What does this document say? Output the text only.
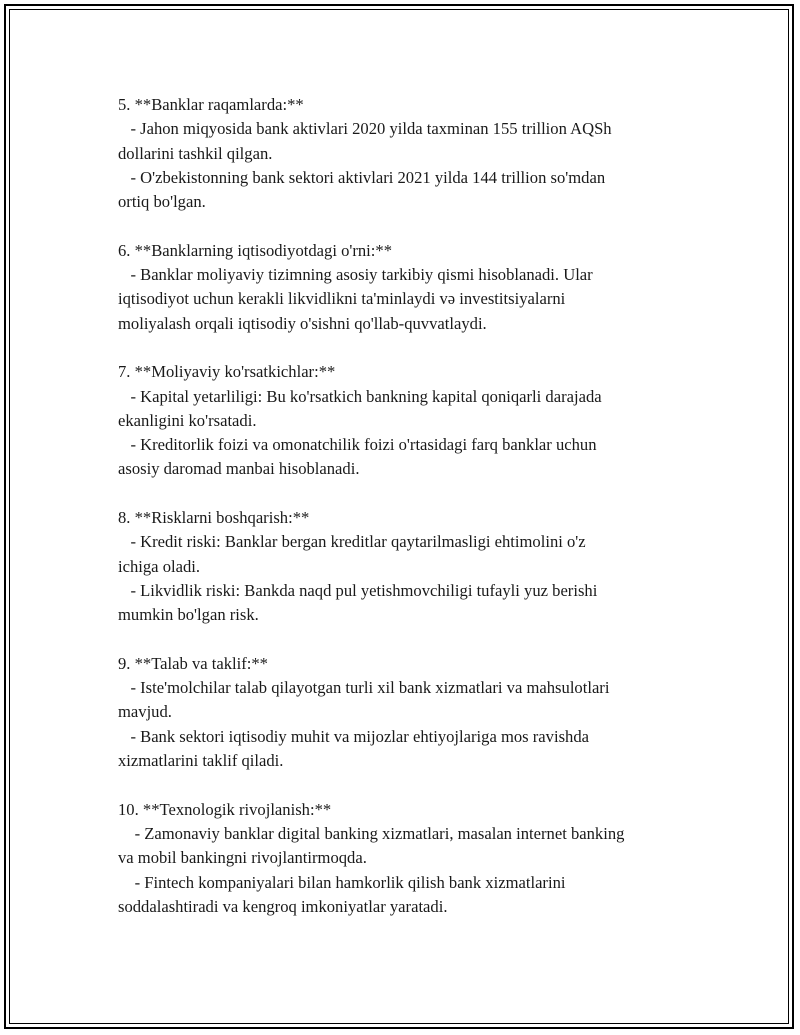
5. **Banklar raqamlarda:**
- Jahon miqyosida bank aktivlari 2020 yilda taxminan 155 trillion AQSh
dollarini tashkil qilgan.
- O'zbekistonning bank sektori aktivlari 2021 yilda 144 trillion so'mdan
ortiq bo'lgan.
6. **Banklarning iqtisodiyotdagi o'rni:**
- Banklar moliyaviy tizimning asosiy tarkibiy qismi hisoblanadi. Ular
iqtisodiyot uchun kerakli likvidlikni ta'minlaydi və investitsiyalarni
moliyalash orqali iqtisodiy o'sishni qo'llab-quvvatlaydi.
7. **Moliyaviy ko'rsatkichlar:**
- Kapital yetarliligi: Bu ko'rsatkich bankning kapital qoniqarli darajada
ekanligini ko'rsatadi.
- Kreditorlik foizi va omonatchilik foizi o'rtasidagi farq banklar uchun
asosiy daromad manbai hisoblanadi.
8. **Risklarni boshqarish:**
- Kredit riski: Banklar bergan kreditlar qaytarilmasligi ehtimolini o'z
ichiga oladi.
- Likvidlik riski: Bankda naqd pul yetishmovchiligi tufayli yuz berishi
mumkin bo'lgan risk.
9. **Talab va taklif:**
- Iste'molchilar talab qilayotgan turli xil bank xizmatlari va mahsulotlari
mavjud.
- Bank sektori iqtisodiy muhit va mijozlar ehtiyojlariga mos ravishda
xizmatlarini taklif qiladi.
10. **Texnologik rivojlanish:**
- Zamonaviy banklar digital banking xizmatlari, masalan internet banking
va mobil bankingni rivojlantirmoqda.
- Fintech kompaniyalari bilan hamkorlik qilish bank xizmatlarini
soddalashtiradi va kengroq imkoniyatlar yaratadi.
